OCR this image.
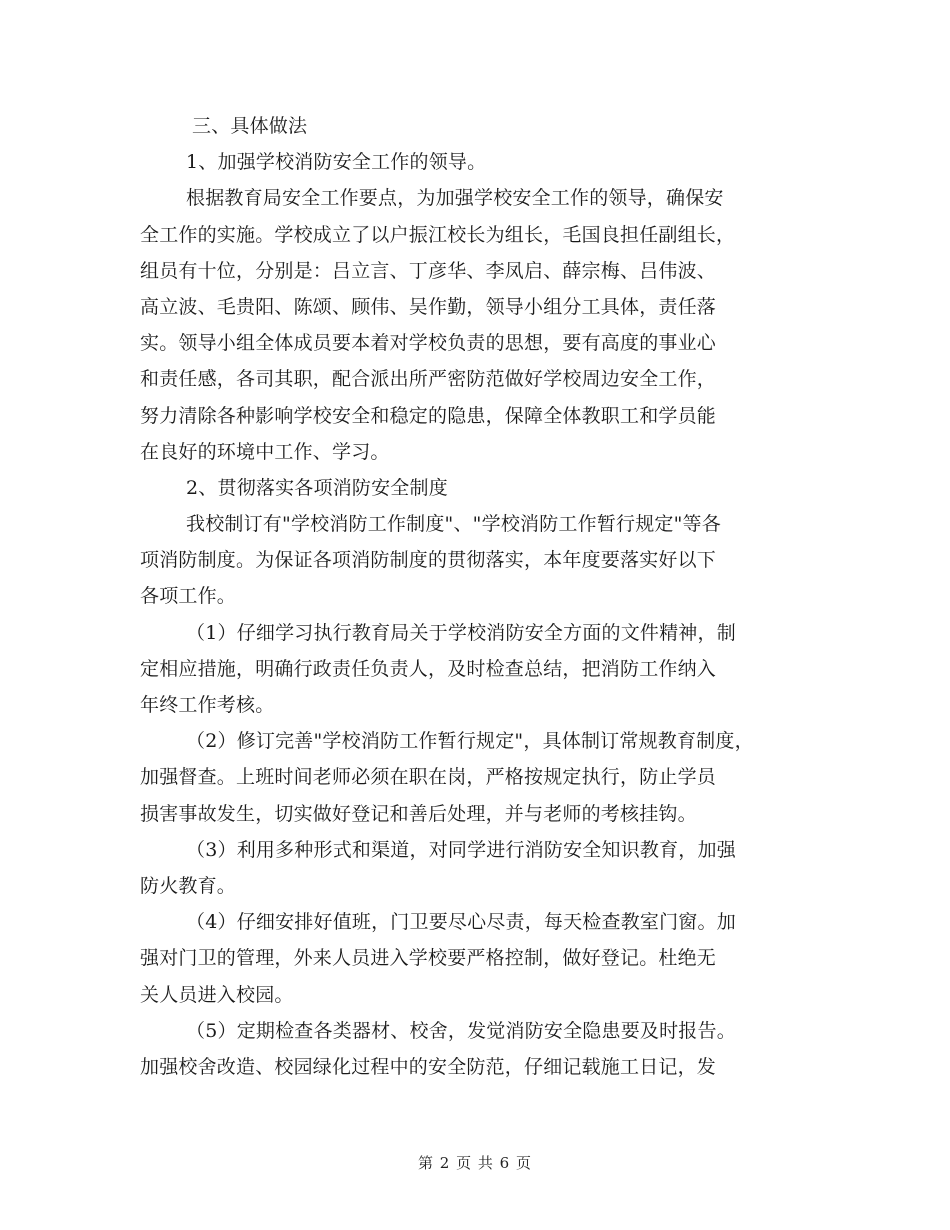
三、具体做法
1、加强学校消防安全工作的领导。
根据教育局安全工作要点，为加强学校安全工作的领导，确保安
全工作的实施。学校成立了以户振江校长为组长，毛国良担任副组长，
组员有十位，分别是：吕立言、丁彦华、李凤启、薛宗梅、吕伟波、
高立波、毛贵阳、陈颂、顾伟、吴作勤，领导小组分工具体，责任落
实。领导小组全体成员要本着对学校负责的思想，要有高度的事业心
和责任感，各司其职，配合派出所严密防范做好学校周边安全工作，
努力清除各种影响学校安全和稳定的隐患，保障全体教职工和学员能
在良好的环境中工作、学习。
2、贯彻落实各项消防安全制度
我校制订有"学校消防工作制度"、"学校消防工作暂行规定"等各
项消防制度。为保证各项消防制度的贯彻落实，本年度要落实好以下
各项工作。
（1）仔细学习执行教育局关于学校消防安全方面的文件精神，制
定相应措施，明确行政责任负责人，及时检查总结，把消防工作纳入
年终工作考核。
（2）修订完善"学校消防工作暂行规定"，具体制订常规教育制度，
加强督查。上班时间老师必须在职在岗，严格按规定执行，防止学员
损害事故发生，切实做好登记和善后处理，并与老师的考核挂钩。
（3）利用多种形式和渠道，对同学进行消防安全知识教育，加强
防火教育。
（4）仔细安排好值班，门卫要尽心尽责，每天检查教室门窗。加
强对门卫的管理，外来人员进入学校要严格控制，做好登记。杜绝无
关人员进入校园。
（5）定期检查各类器材、校舍，发觉消防安全隐患要及时报告。
加强校舍改造、校园绿化过程中的安全防范，仔细记载施工日记，发
第 2 页 共 6 页
